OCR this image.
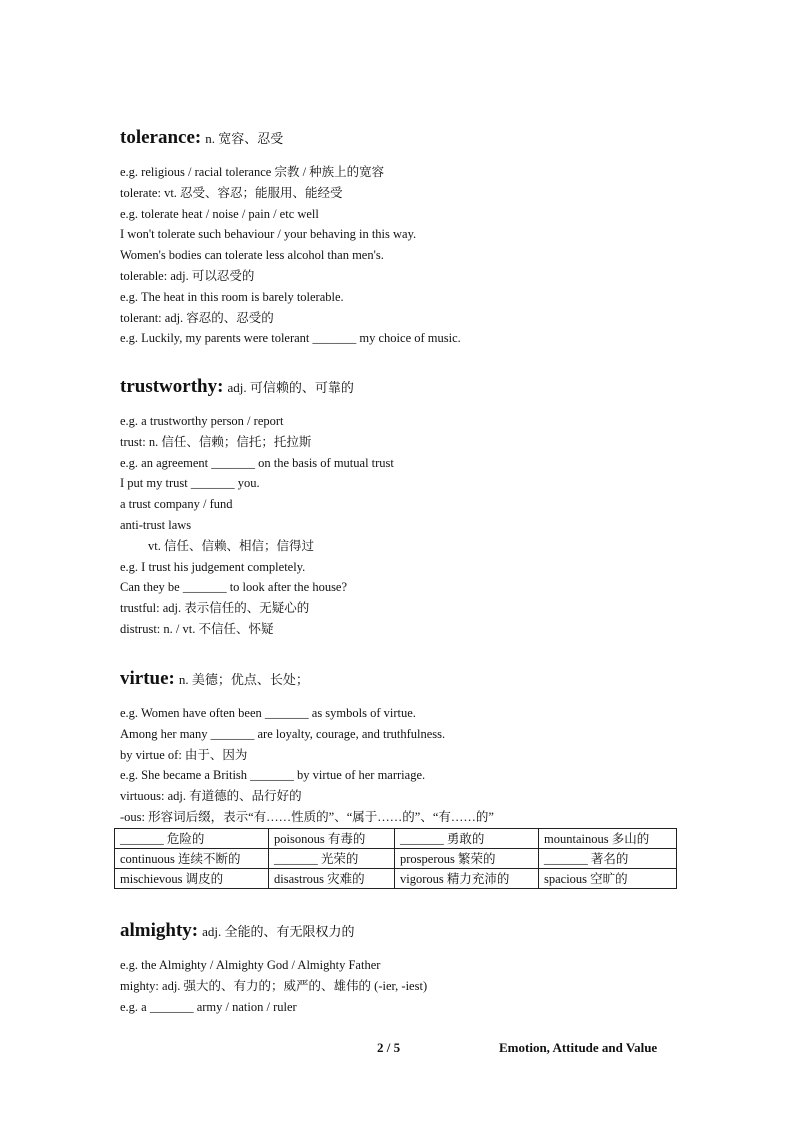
tolerance: n. 宽容、忍受
e.g. religious / racial tolerance 宗教 / 种族上的宽容
tolerate: vt. 忍受、容忍；能服用、能经受
e.g. tolerate heat / noise / pain / etc well
I won't tolerate such behaviour / your behaving in this way.
Women's bodies can tolerate less alcohol than men's.
tolerable: adj. 可以忍受的
e.g. The heat in this room is barely tolerable.
tolerant: adj. 容忍的、忍受的
e.g. Luckily, my parents were tolerant _______ my choice of music.
trustworthy: adj. 可信赖的、可靠的
e.g. a trustworthy person / report
trust: n. 信任、信赖；信托；托拉斯
e.g. an agreement _______ on the basis of mutual trust
I put my trust _______ you.
a trust company / fund
anti-trust laws
vt. 信任、信赖、相信；信得过
e.g. I trust his judgement completely.
Can they be _______ to look after the house?
trustful: adj. 表示信任的、无疑心的
distrust: n. / vt. 不信任、怀疑
virtue: n. 美德；优点、长处；
e.g. Women have often been _______ as symbols of virtue.
Among her many _______ are loyalty, courage, and truthfulness.
by virtue of: 由于、因为
e.g. She became a British _______ by virtue of her marriage.
virtuous: adj. 有道德的、品行好的
-ous: 形容词后缀，表示“有……性质的”、“属于……的”、“有……的”
_______ 危险的	poisonous 有毒的	_______ 勇敢的	mountainous 多山的
continuous 连续不断的	_______ 光荣的	prosperous 繁荣的	_______ 著名的
mischievous 调皮的	disastrous 灾难的	vigorous 精力充沛的	spacious 空旷的
almighty: adj. 全能的、有无限权力的
e.g. the Almighty / Almighty God / Almighty Father
mighty: adj. 强大的、有力的；威严的、雄伟的 (-ier, -iest)
e.g. a _______ army / nation / ruler
2 / 5	Emotion, Attitude and Value
